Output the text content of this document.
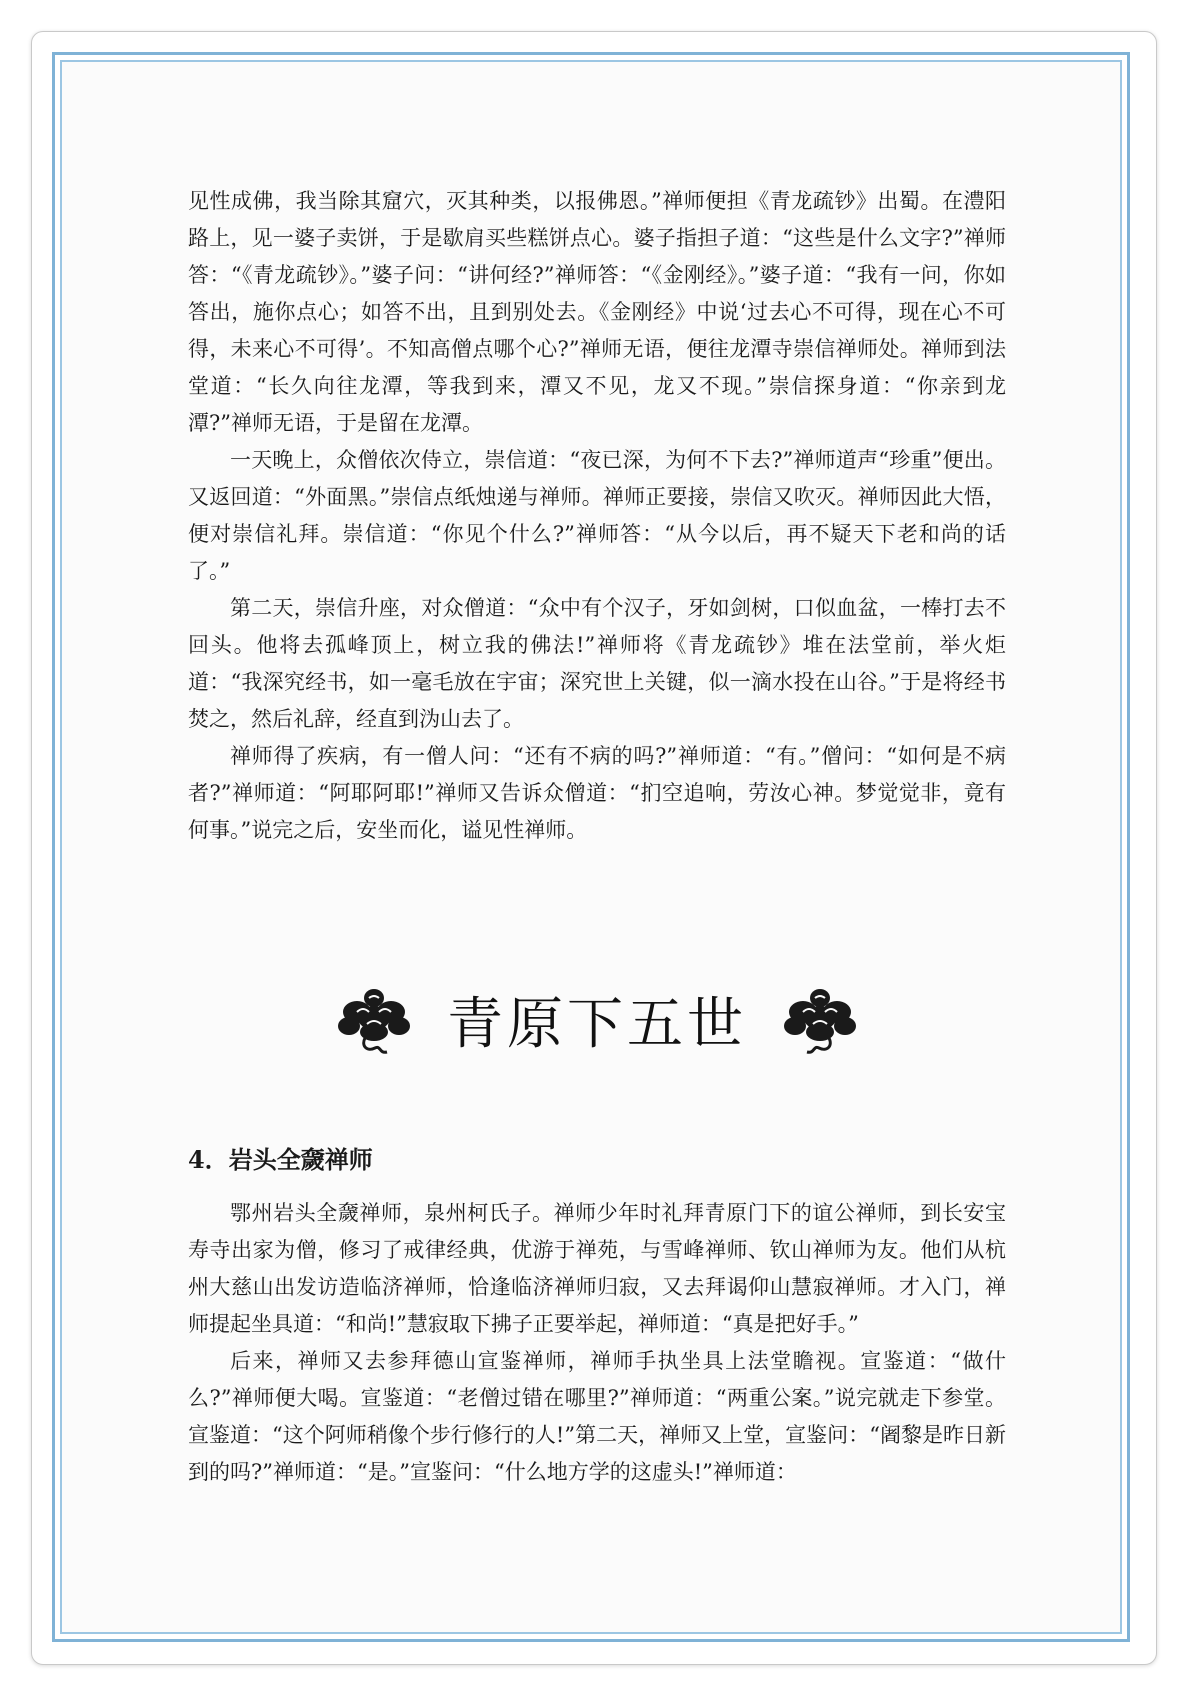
见性成佛，我当除其窟穴，灭其种类，以报佛恩。”禅师便担《青龙疏钞》出蜀。在澧阳路上，见一婆子卖饼，于是歇肩买些糕饼点心。婆子指担子道：“这些是什么文字?”禅师答：“《青龙疏钞》。”婆子问：“讲何经?”禅师答：“《金刚经》。”婆子道：“我有一问，你如答出，施你点心；如答不出，且到别处去。《金刚经》中说‘过去心不可得，现在心不可得，未来心不可得’。不知高僧点哪个心?”禅师无语，便往龙潭寺崇信禅师处。禅师到法堂道：“长久向往龙潭，等我到来，潭又不见，龙又不现。”崇信探身道：“你亲到龙潭?”禅师无语，于是留在龙潭。

一天晚上，众僧依次侍立，崇信道：“夜已深，为何不下去?”禅师道声“珍重”便出。又返回道：“外面黑。”崇信点纸烛递与禅师。禅师正要接，崇信又吹灭。禅师因此大悟，便对崇信礼拜。崇信道：“你见个什么?”禅师答：“从今以后，再不疑天下老和尚的话了。”

第二天，崇信升座，对众僧道：“众中有个汉子，牙如剑树，口似血盆，一棒打去不回头。他将去孤峰顶上，树立我的佛法!”禅师将《青龙疏钞》堆在法堂前，举火炬道：“我深究经书，如一毫毛放在宇宙；深究世上关键，似一滴水投在山谷。”于是将经书焚之，然后礼辞，经直到沩山去了。

禅师得了疾病，有一僧人问：“还有不病的吗?”禅师道：“有。”僧问：“如何是不病者?”禅师道：“阿耶阿耶!”禅师又告诉众僧道：“扪空追响，劳汝心神。梦觉觉非，竟有何事。”说完之后，安坐而化，谥见性禅师。

青原下五世
4．岩头全奯禅师

鄂州岩头全奯禅师，泉州柯氏子。禅师少年时礼拜青原门下的谊公禅师，到长安宝寿寺出家为僧，修习了戒律经典，优游于禅苑，与雪峰禅师、钦山禅师为友。他们从杭州大慈山出发访造临济禅师，恰逢临济禅师归寂，又去拜谒仰山慧寂禅师。才入门，禅师提起坐具道：“和尚!”慧寂取下拂子正要举起，禅师道：“真是把好手。”

后来，禅师又去参拜德山宣鉴禅师，禅师手执坐具上法堂瞻视。宣鉴道：“做什么?”禅师便大喝。宣鉴道：“老僧过错在哪里?”禅师道：“两重公案。”说完就走下参堂。宣鉴道：“这个阿师稍像个步行修行的人!”第二天，禅师又上堂，宣鉴问：“阇黎是昨日新到的吗?”禅师道：“是。”宣鉴问：“什么地方学的这虚头!”禅师道：
